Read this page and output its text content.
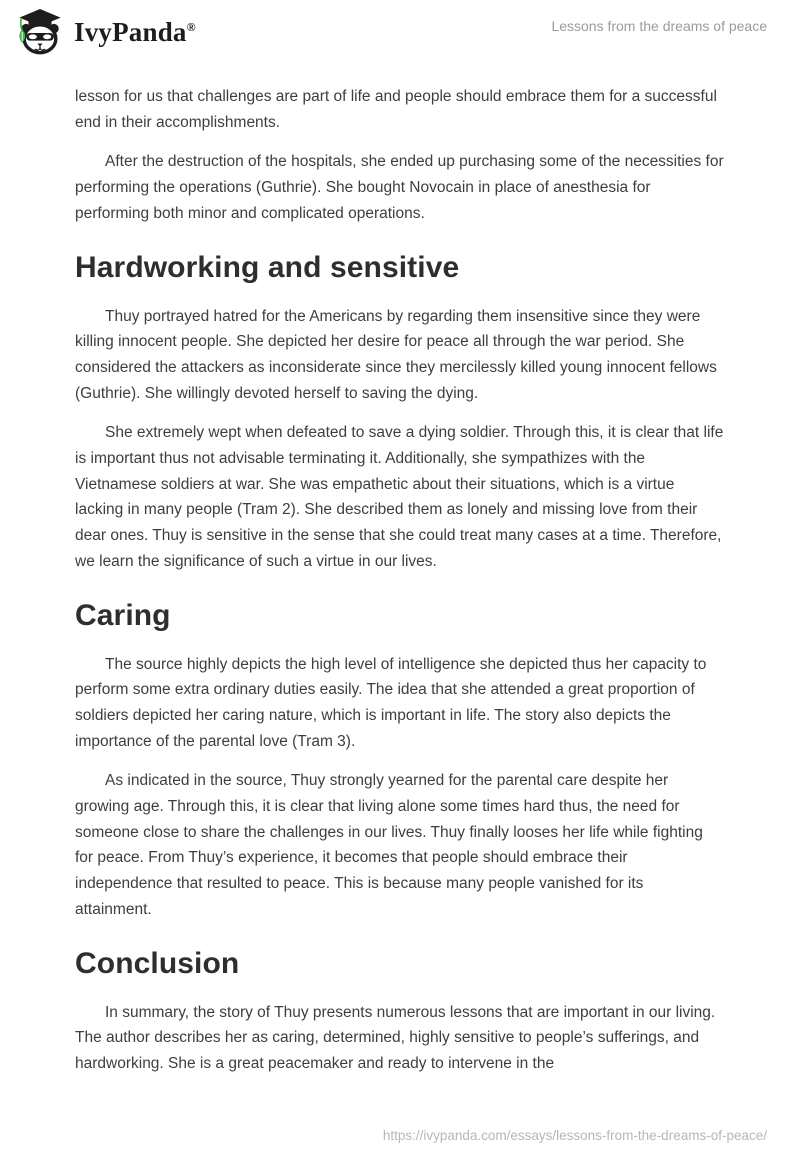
IvyPanda®	Lessons from the dreams of peace

lesson for us that challenges are part of life and people should embrace them for a successful end in their accomplishments.

After the destruction of the hospitals, she ended up purchasing some of the necessities for performing the operations (Guthrie). She bought Novocain in place of anesthesia for performing both minor and complicated operations.

Hardworking and sensitive

Thuy portrayed hatred for the Americans by regarding them insensitive since they were killing innocent people. She depicted her desire for peace all through the war period. She considered the attackers as inconsiderate since they mercilessly killed young innocent fellows (Guthrie). She willingly devoted herself to saving the dying.

She extremely wept when defeated to save a dying soldier. Through this, it is clear that life is important thus not advisable terminating it. Additionally, she sympathizes with the Vietnamese soldiers at war. She was empathetic about their situations, which is a virtue lacking in many people (Tram 2). She described them as lonely and missing love from their dear ones. Thuy is sensitive in the sense that she could treat many cases at a time. Therefore, we learn the significance of such a virtue in our lives.

Caring

The source highly depicts the high level of intelligence she depicted thus her capacity to perform some extra ordinary duties easily. The idea that she attended a great proportion of soldiers depicted her caring nature, which is important in life. The story also depicts the importance of the parental love (Tram 3).

As indicated in the source, Thuy strongly yearned for the parental care despite her growing age. Through this, it is clear that living alone some times hard thus, the need for someone close to share the challenges in our lives. Thuy finally looses her life while fighting for peace. From Thuy’s experience, it becomes that people should embrace their independence that resulted to peace. This is because many people vanished for its attainment.

Conclusion

In summary, the story of Thuy presents numerous lessons that are important in our living. The author describes her as caring, determined, highly sensitive to people’s sufferings, and hardworking. She is a great peacemaker and ready to intervene in the

https://ivypanda.com/essays/lessons-from-the-dreams-of-peace/
